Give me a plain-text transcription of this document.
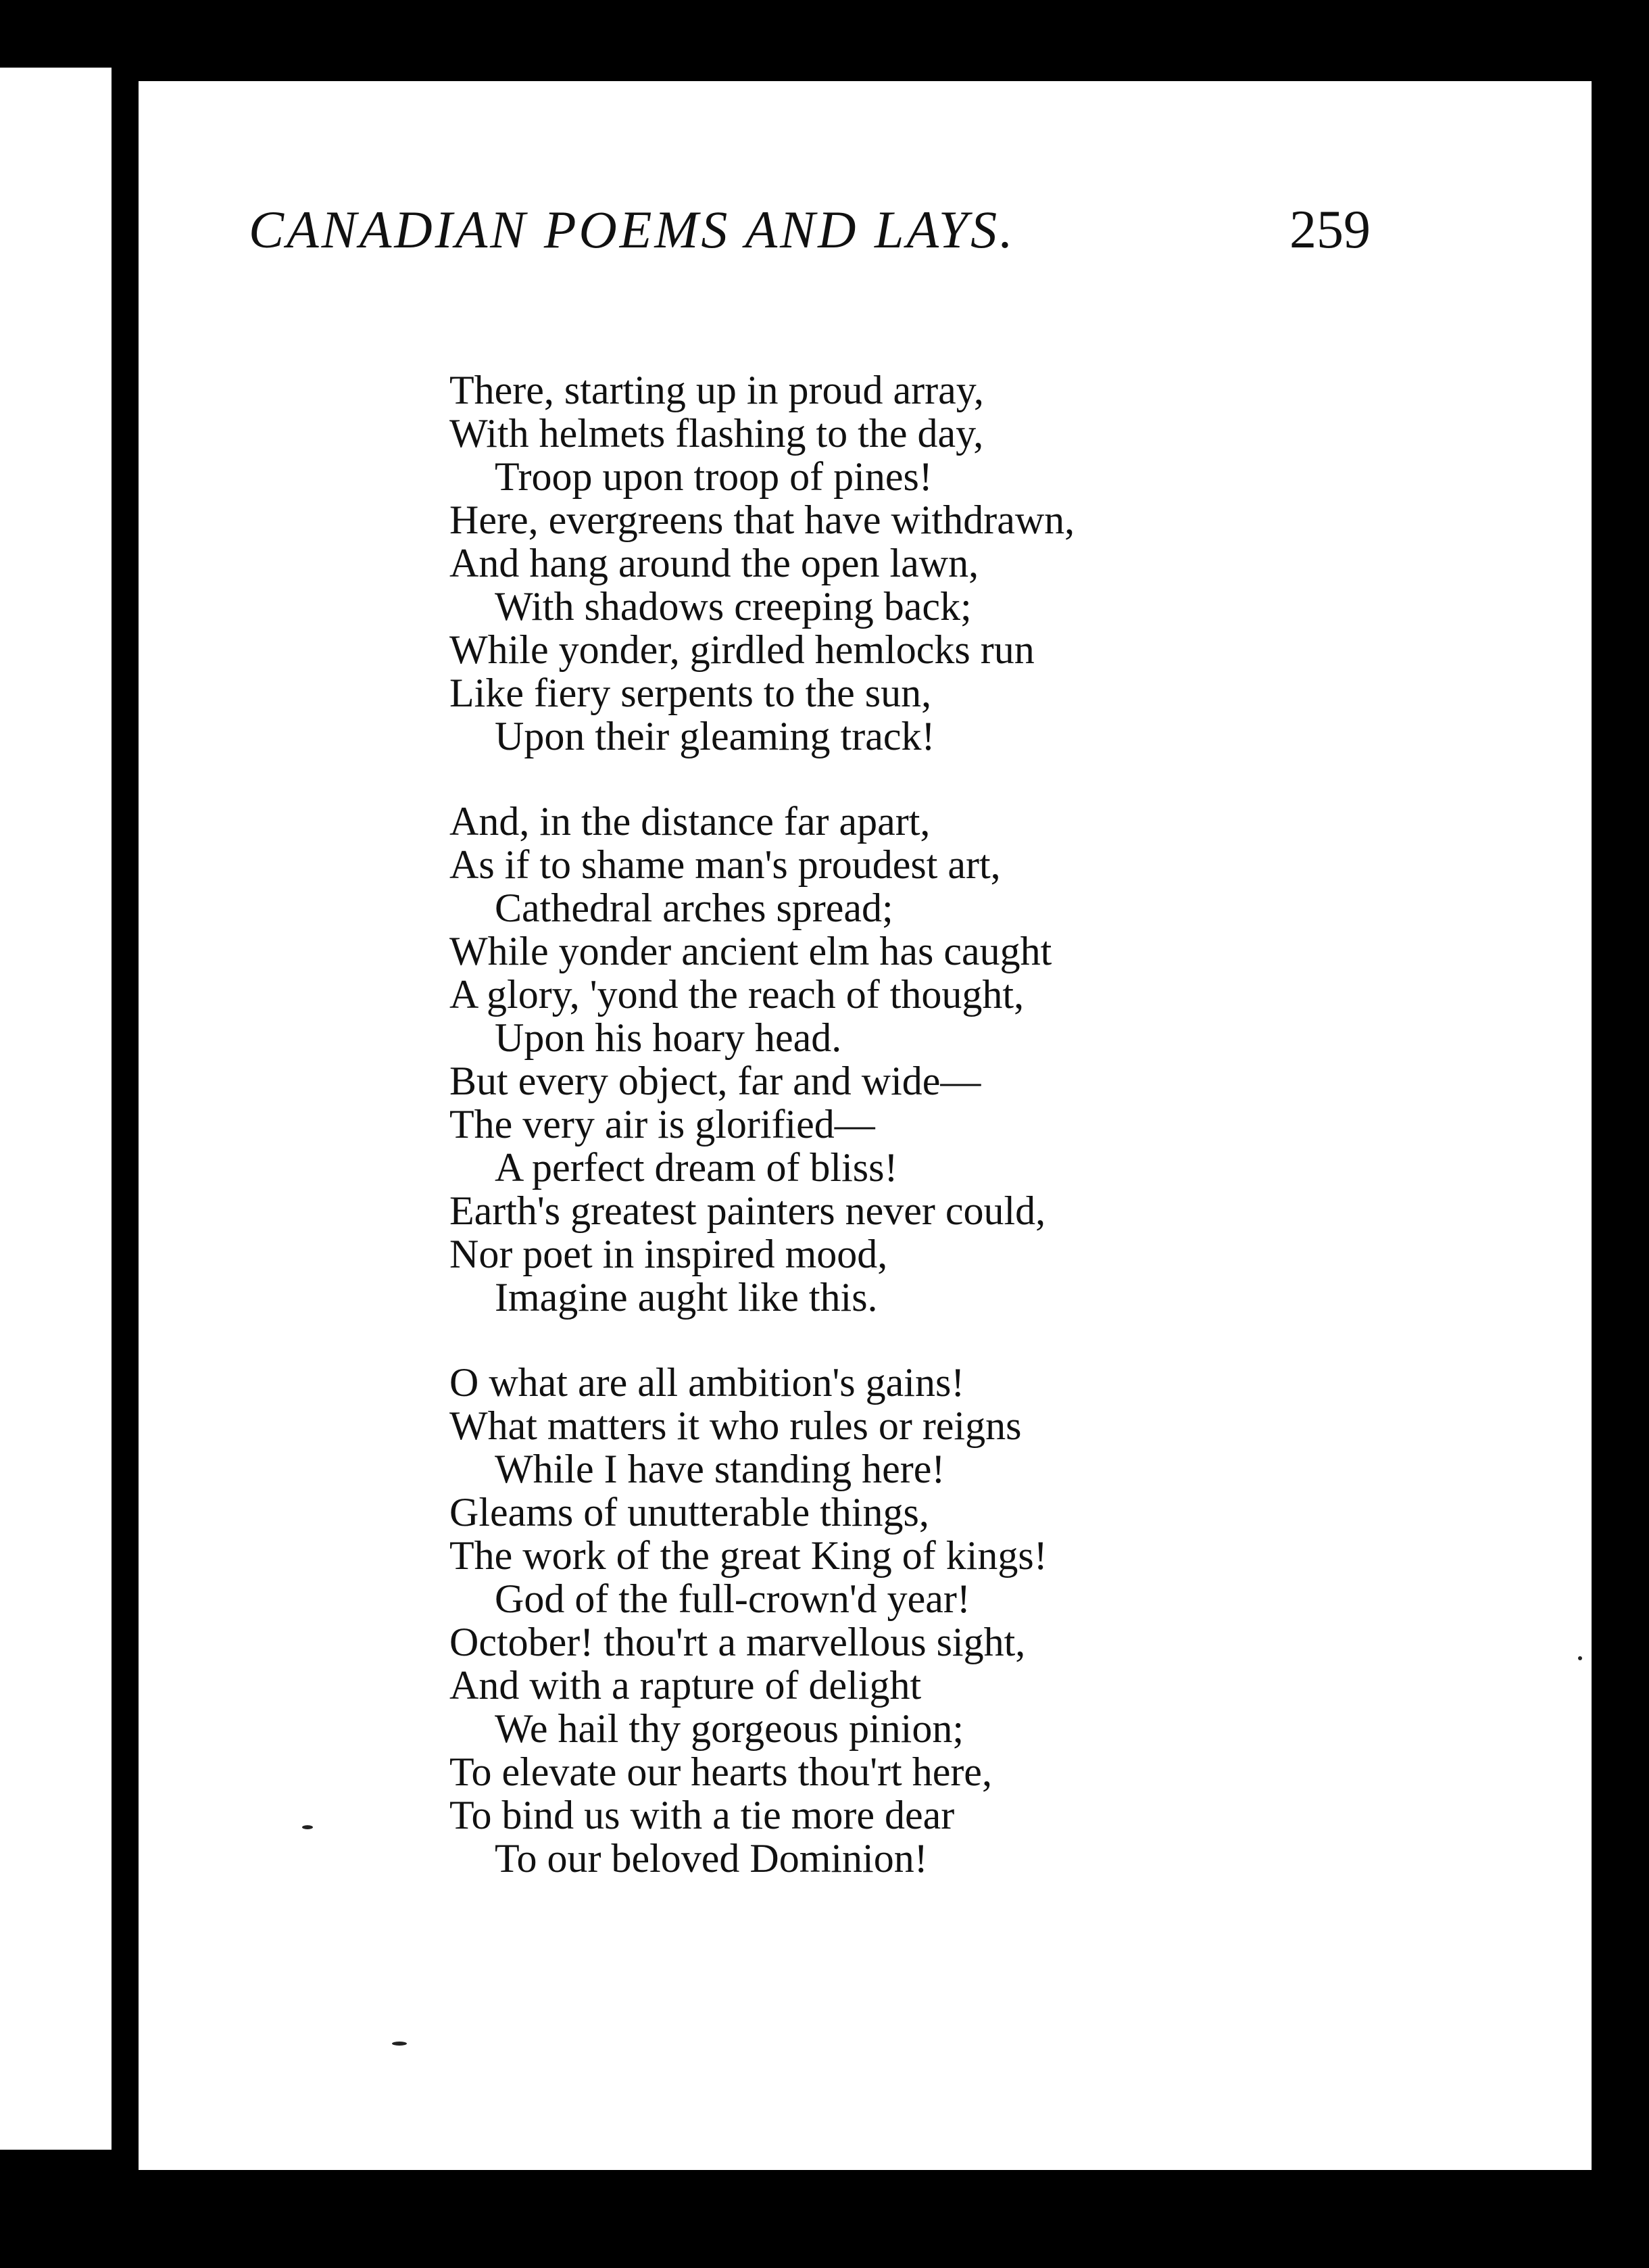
CANADIAN POEMS AND LAYS.	259
There, starting up in proud array,
With helmets flashing to the day,
Troop upon troop of pines!
Here, evergreens that have withdrawn,
And hang around the open lawn,
With shadows creeping back;
While yonder, girdled hemlocks run
Like fiery serpents to the sun,
Upon their gleaming track!
And, in the distance far apart,
As if to shame man's proudest art,
Cathedral arches spread;
While yonder ancient elm has caught
A glory, 'yond the reach of thought,
Upon his hoary head.
But every object, far and wide—
The very air is glorified—
A perfect dream of bliss!
Earth's greatest painters never could,
Nor poet in inspired mood,
Imagine aught like this.
O what are all ambition's gains!
What matters it who rules or reigns
While I have standing here!
Gleams of unutterable things,
The work of the great King of kings!
God of the full-crown'd year!
October! thou'rt a marvellous sight,
And with a rapture of delight
We hail thy gorgeous pinion;
To elevate our hearts thou'rt here,
To bind us with a tie more dear
To our beloved Dominion!
